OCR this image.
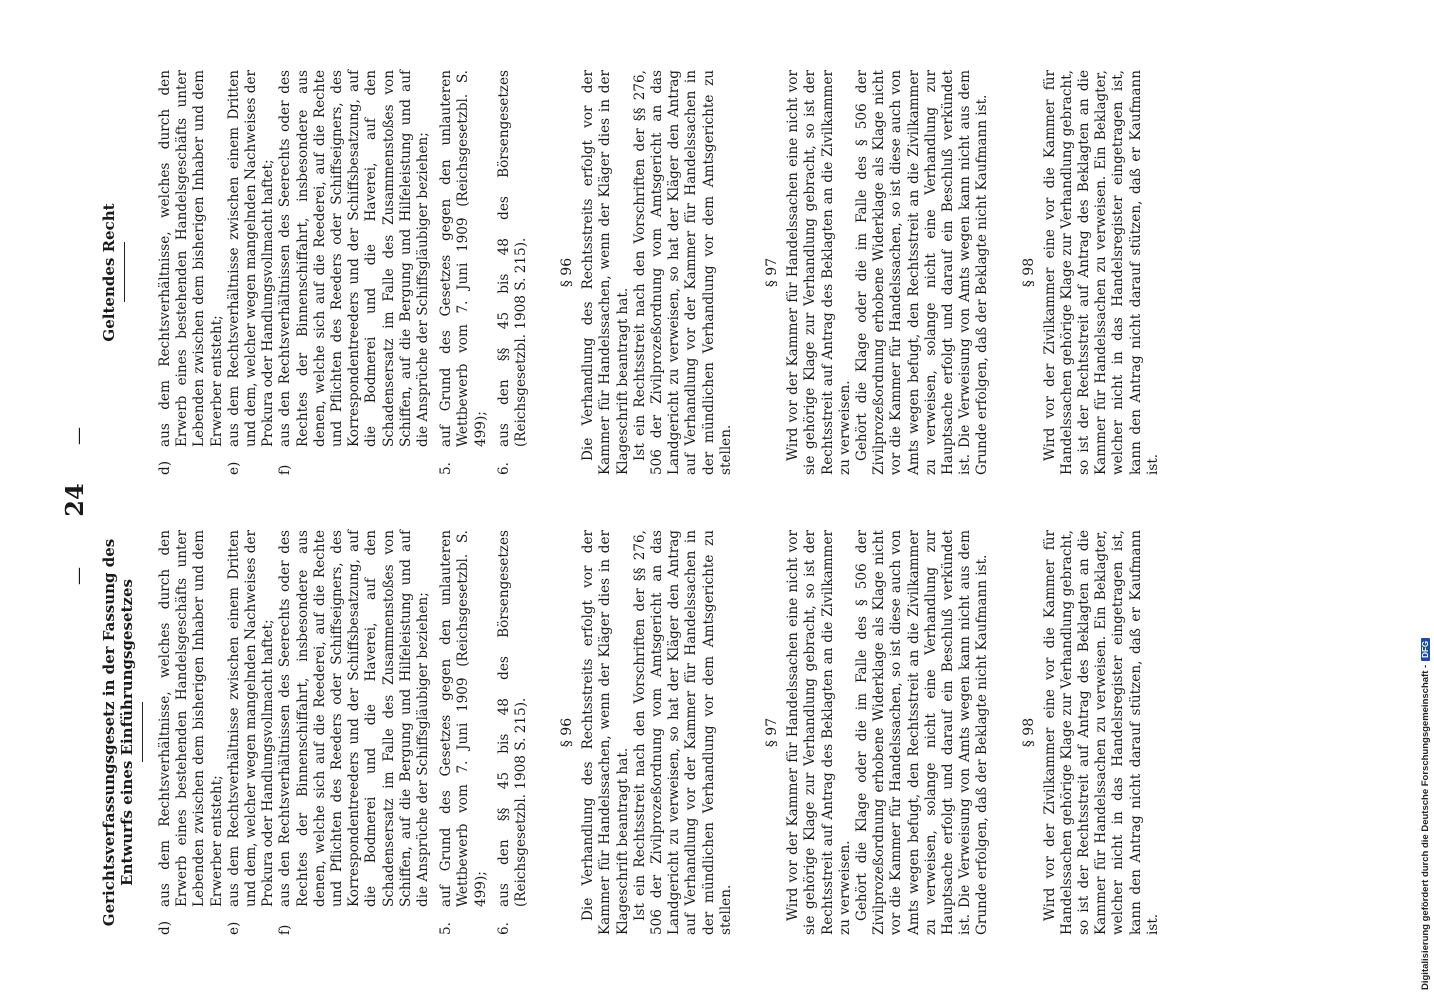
—
24
—
Gerichtsverfassungsgesetz in der Fassung des Entwurfs eines Einführungsgesetzes
d)

aus dem Rechtsverhältnisse, welches durch den Erwerb eines bestehenden Handelsgeschäfts unter Lebenden zwischen dem bisherigen Inhaber und dem Erwerber entsteht;

e)

aus dem Rechtsverhältnisse zwischen einem Dritten und dem, welcher wegen mangelnden Nachweises der Prokura oder Handlungsvollmacht haftet;

f)

aus den Rechtsverhältnissen des Seerechts oder des Rechtes der Binnenschiffahrt, insbesondere aus denen, welche sich auf die Reederei, auf die Rechte und Pflichten des Reeders oder Schiffseigners, des Korrespondentreeders und der Schiffsbesatzung, auf die Bodmerei und die Haverei, auf den Schadensersatz im Falle des Zusammenstoßes von Schiffen, auf die Bergung und Hilfeleistung und auf die Ansprüche der Schiffsgläubiger beziehen;

5.

auf Grund des Gesetzes gegen den unlauteren Wettbewerb vom 7. Juni 1909 (Reichsgesetzbl. S. 499);

6.

aus den §§ 45 bis 48 des Börsengesetzes (Reichsgesetzbl. 1908 S. 215). § 96 Die Verhandlung des Rechtsstreits erfolgt vor der Kammer für Handelssachen, wenn der Kläger dies in der Klageschrift beantragt hat. Ist ein Rechtsstreit nach den Vorschriften der §§ 276, 506 der Zivilprozeßordnung vom Amtsgericht an das Landgericht zu verweisen, so hat der Kläger den Antrag auf Verhandlung vor der Kammer für Handelssachen in der mündlichen Verhandlung vor dem Amtsgerichte zu stellen.

§ 97 Wird vor der Kammer für Handelssachen eine nicht vor sie gehörige Klage zur Verhandlung gebracht, so ist der Rechtsstreit auf Antrag des Beklagten an die Zivilkammer zu verweisen. Gehört die Klage oder die im Falle des § 506 der Zivilprozeßordnung erhobene Widerklage als Klage nicht vor die Kammer für Handelssachen, so ist diese auch von Amts wegen befugt, den Rechtsstreit an die Zivilkammer zu verweisen, solange nicht eine Verhandlung zur Hauptsache erfolgt und darauf ein Beschluß verkündet ist. Die Verweisung von Amts wegen kann nicht aus dem Grunde erfolgen, daß der Beklagte nicht Kaufmann ist. § 98 Wird vor der Zivilkammer eine vor die Kammer für Handelssachen gehörige Klage zur Verhandlung gebracht, so ist der Rechtsstreit auf Antrag des Beklagten an die Kammer für Handelssachen zu verweisen. Ein Beklagter, welcher nicht in das Handelsregister eingetragen ist, kann den Antrag nicht darauf stützen, daß er Kaufmann ist.

Geltendes Recht
d)

aus dem Rechtsverhältnisse, welches durch den Erwerb eines bestehenden Handelsgeschäfts unter Lebenden zwischen dem bisherigen Inhaber und dem Erwerber entsteht;

e)

aus dem Rechtsverhältnisse zwischen einem Dritten und dem, welcher wegen mangelnden Nachweises der Prokura oder Handlungsvollmacht haftet;

f)

aus den Rechtsverhältnissen des Seerechts oder des Rechtes der Binnenschiffahrt, insbesondere aus denen, welche sich auf die Reederei, auf die Rechte und Pflichten des Reeders oder Schiffseigners, des Korrespondentreeders und der Schiffsbesatzung, auf die Bodmerei und die Haverei, auf den Schadensersatz im Falle des Zusammenstoßes von Schiffen, auf die Bergung und Hilfeleistung und auf die Ansprüche der Schiffsgläubiger beziehen;

5.

auf Grund des Gesetzes gegen den unlauteren Wettbewerb vom 7. Juni 1909 (Reichsgesetzbl. S. 499);

6.

aus den §§ 45 bis 48 des Börsengesetzes (Reichsgesetzbl. 1908 S. 215). § 96 Die Verhandlung des Rechtsstreits erfolgt vor der Kammer für Handelssachen, wenn der Kläger dies in der Klageschrift beantragt hat. Ist ein Rechtsstreit nach den Vorschriften der §§ 276, 506 der Zivilprozeßordnung vom Amtsgericht an das Landgericht zu verweisen, so hat der Kläger den Antrag auf Verhandlung vor der Kammer für Handelssachen in der mündlichen Verhandlung vor dem Amtsgerichte zu stellen.

§ 97 Wird vor der Kammer für Handelssachen eine nicht vor sie gehörige Klage zur Verhandlung gebracht, so ist der Rechtsstreit auf Antrag des Beklagten an die Zivilkammer zu verweisen. Gehört die Klage oder die im Falle des § 506 der Zivilprozeßordnung erhobene Widerklage als Klage nicht vor die Kammer für Handelssachen, so ist diese auch von Amts wegen befugt, den Rechtsstreit an die Zivilkammer zu verweisen, solange nicht eine Verhandlung zur Hauptsache erfolgt und darauf ein Beschluß verkündet ist. Die Verweisung von Amts wegen kann nicht aus dem Grunde erfolgen, daß der Beklagte nicht Kaufmann ist. § 98 Wird vor der Zivilkammer eine vor die Kammer für Handelssachen gehörige Klage zur Verhandlung gebracht, so ist der Rechtsstreit auf Antrag des Beklagten an die Kammer für Handelssachen zu verweisen. Ein Beklagter, welcher nicht in das Handelsregister eingetragen ist, kann den Antrag nicht darauf stützen, daß er Kaufmann ist.

Digitalisierung gefördert durch die Deutsche Forschungsgemeinschaft -DFG
